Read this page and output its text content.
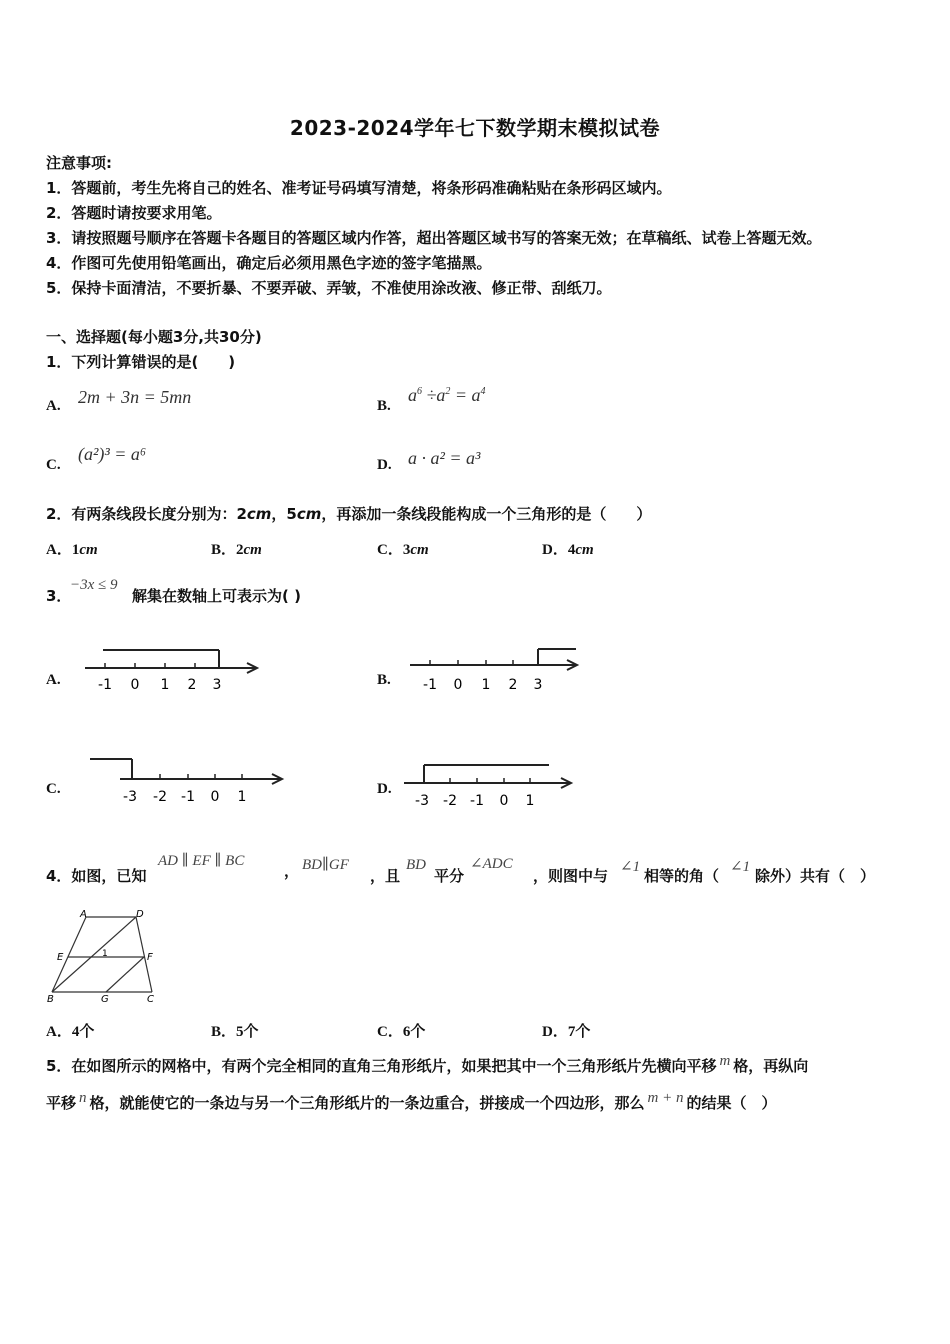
2023-2024学年七下数学期末模拟试卷
注意事项:
1．答题前，考生先将自己的姓名、准考证号码填写清楚，将条形码准确粘贴在条形码区域内。
2．答题时请按要求用笔。
3．请按照题号顺序在答题卡各题目的答题区域内作答，超出答题区域书写的答案无效；在草稿纸、试卷上答题无效。
4．作图可先使用铅笔画出，确定后必须用黑色字迹的签字笔描黑。
5．保持卡面清洁，不要折暴、不要弄破、弄皱，不准使用涂改液、修正带、刮纸刀。
一、选择题(每小题3分,共30分)
1．下列计算错误的是(　　)
A. 2m + 3n = 5mn	B.
$a^6 \div a^2 = a^4$
C.
(a²)³ = a⁶
D. a · a² = a³
2．有两条线段长度分别为：2cm，5cm，再添加一条线段能构成一个三角形的是（　　）
A．1cm	B．2cm	C．3cm	D．4cm
3．
−3x ≤ 9
解集在数轴上可表示为( )
A.	-1 0 1 2 3	B. -1 0 1 2 3
C.	-3 -2 -1 0 1	D.
-3 -2 -1 0 1
4．如图，已知
AD ∥ EF ∥ BC
， BD∥GF
，且
BD
平分
∠ADC
，则图中与 ∠1 相等的角（ ∠1 除外）共有（　）
A	D
E	F
B	G	C
1
A．4个	B．5个	C．6个	D．7个
5．在如图所示的网格中，有两个完全相同的直角三角形纸片，如果把其中一个三角形纸片先横向平移 m 格，再纵向
平移 n 格，就能使它的一条边与另一个三角形纸片的一条边重合，拼接成一个四边形，那么 m + n 的结果（　）
